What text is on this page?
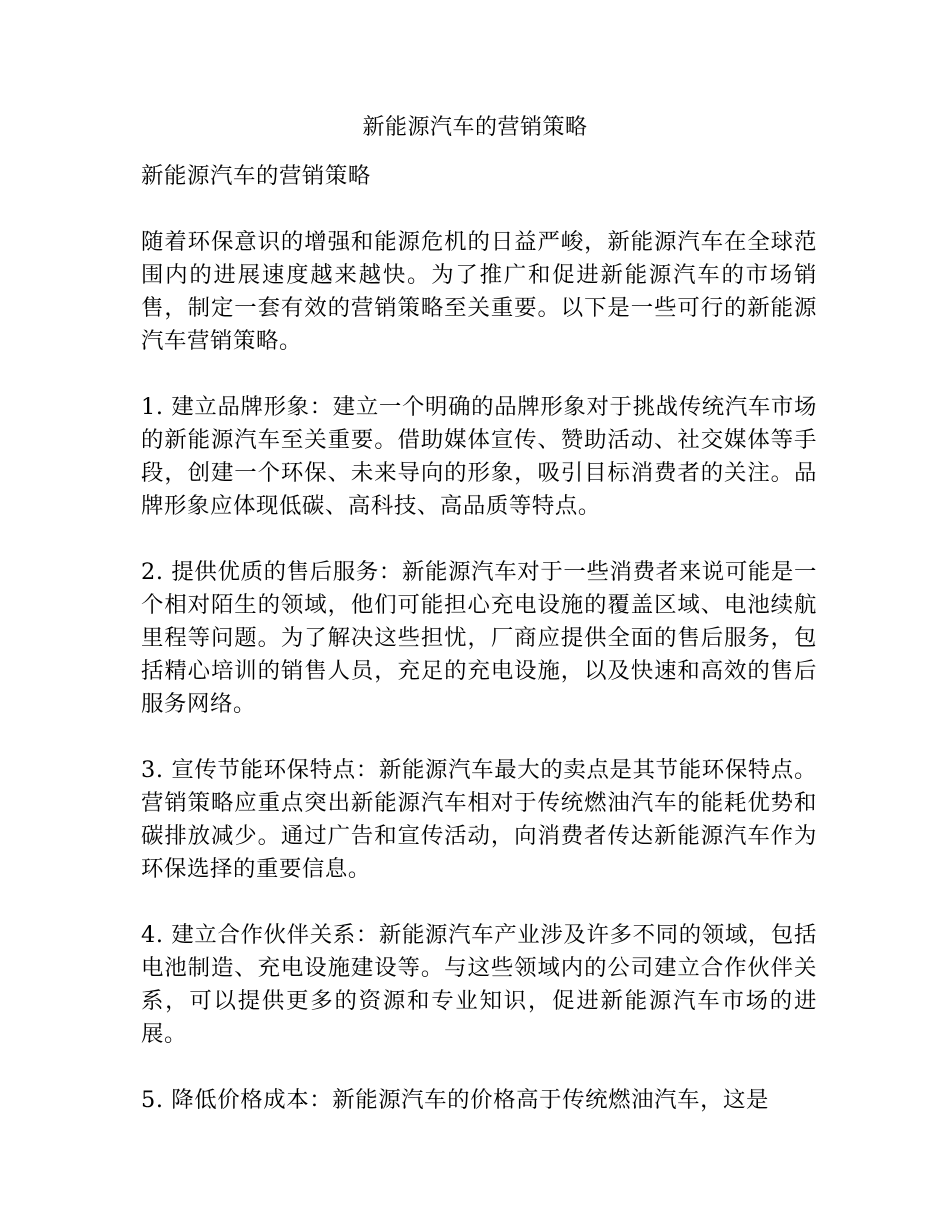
新能源汽车的营销策略

新能源汽车的营销策略

随着环保意识的增强和能源危机的日益严峻，新能源汽车在全球范围内的进展速度越来越快。为了推广和促进新能源汽车的市场销售，制定一套有效的营销策略至关重要。以下是一些可行的新能源汽车营销策略。

1. 建立品牌形象：建立一个明确的品牌形象对于挑战传统汽车市场的新能源汽车至关重要。借助媒体宣传、赞助活动、社交媒体等手段，创建一个环保、未来导向的形象，吸引目标消费者的关注。品牌形象应体现低碳、高科技、高品质等特点。

2. 提供优质的售后服务：新能源汽车对于一些消费者来说可能是一个相对陌生的领域，他们可能担心充电设施的覆盖区域、电池续航里程等问题。为了解决这些担忧，厂商应提供全面的售后服务，包括精心培训的销售人员，充足的充电设施，以及快速和高效的售后服务网络。

3. 宣传节能环保特点：新能源汽车最大的卖点是其节能环保特点。营销策略应重点突出新能源汽车相对于传统燃油汽车的能耗优势和碳排放减少。通过广告和宣传活动，向消费者传达新能源汽车作为环保选择的重要信息。

4. 建立合作伙伴关系：新能源汽车产业涉及许多不同的领域，包括电池制造、充电设施建设等。与这些领域内的公司建立合作伙伴关系，可以提供更多的资源和专业知识，促进新能源汽车市场的进展。

5. 降低价格成本：新能源汽车的价格高于传统燃油汽车，这是
